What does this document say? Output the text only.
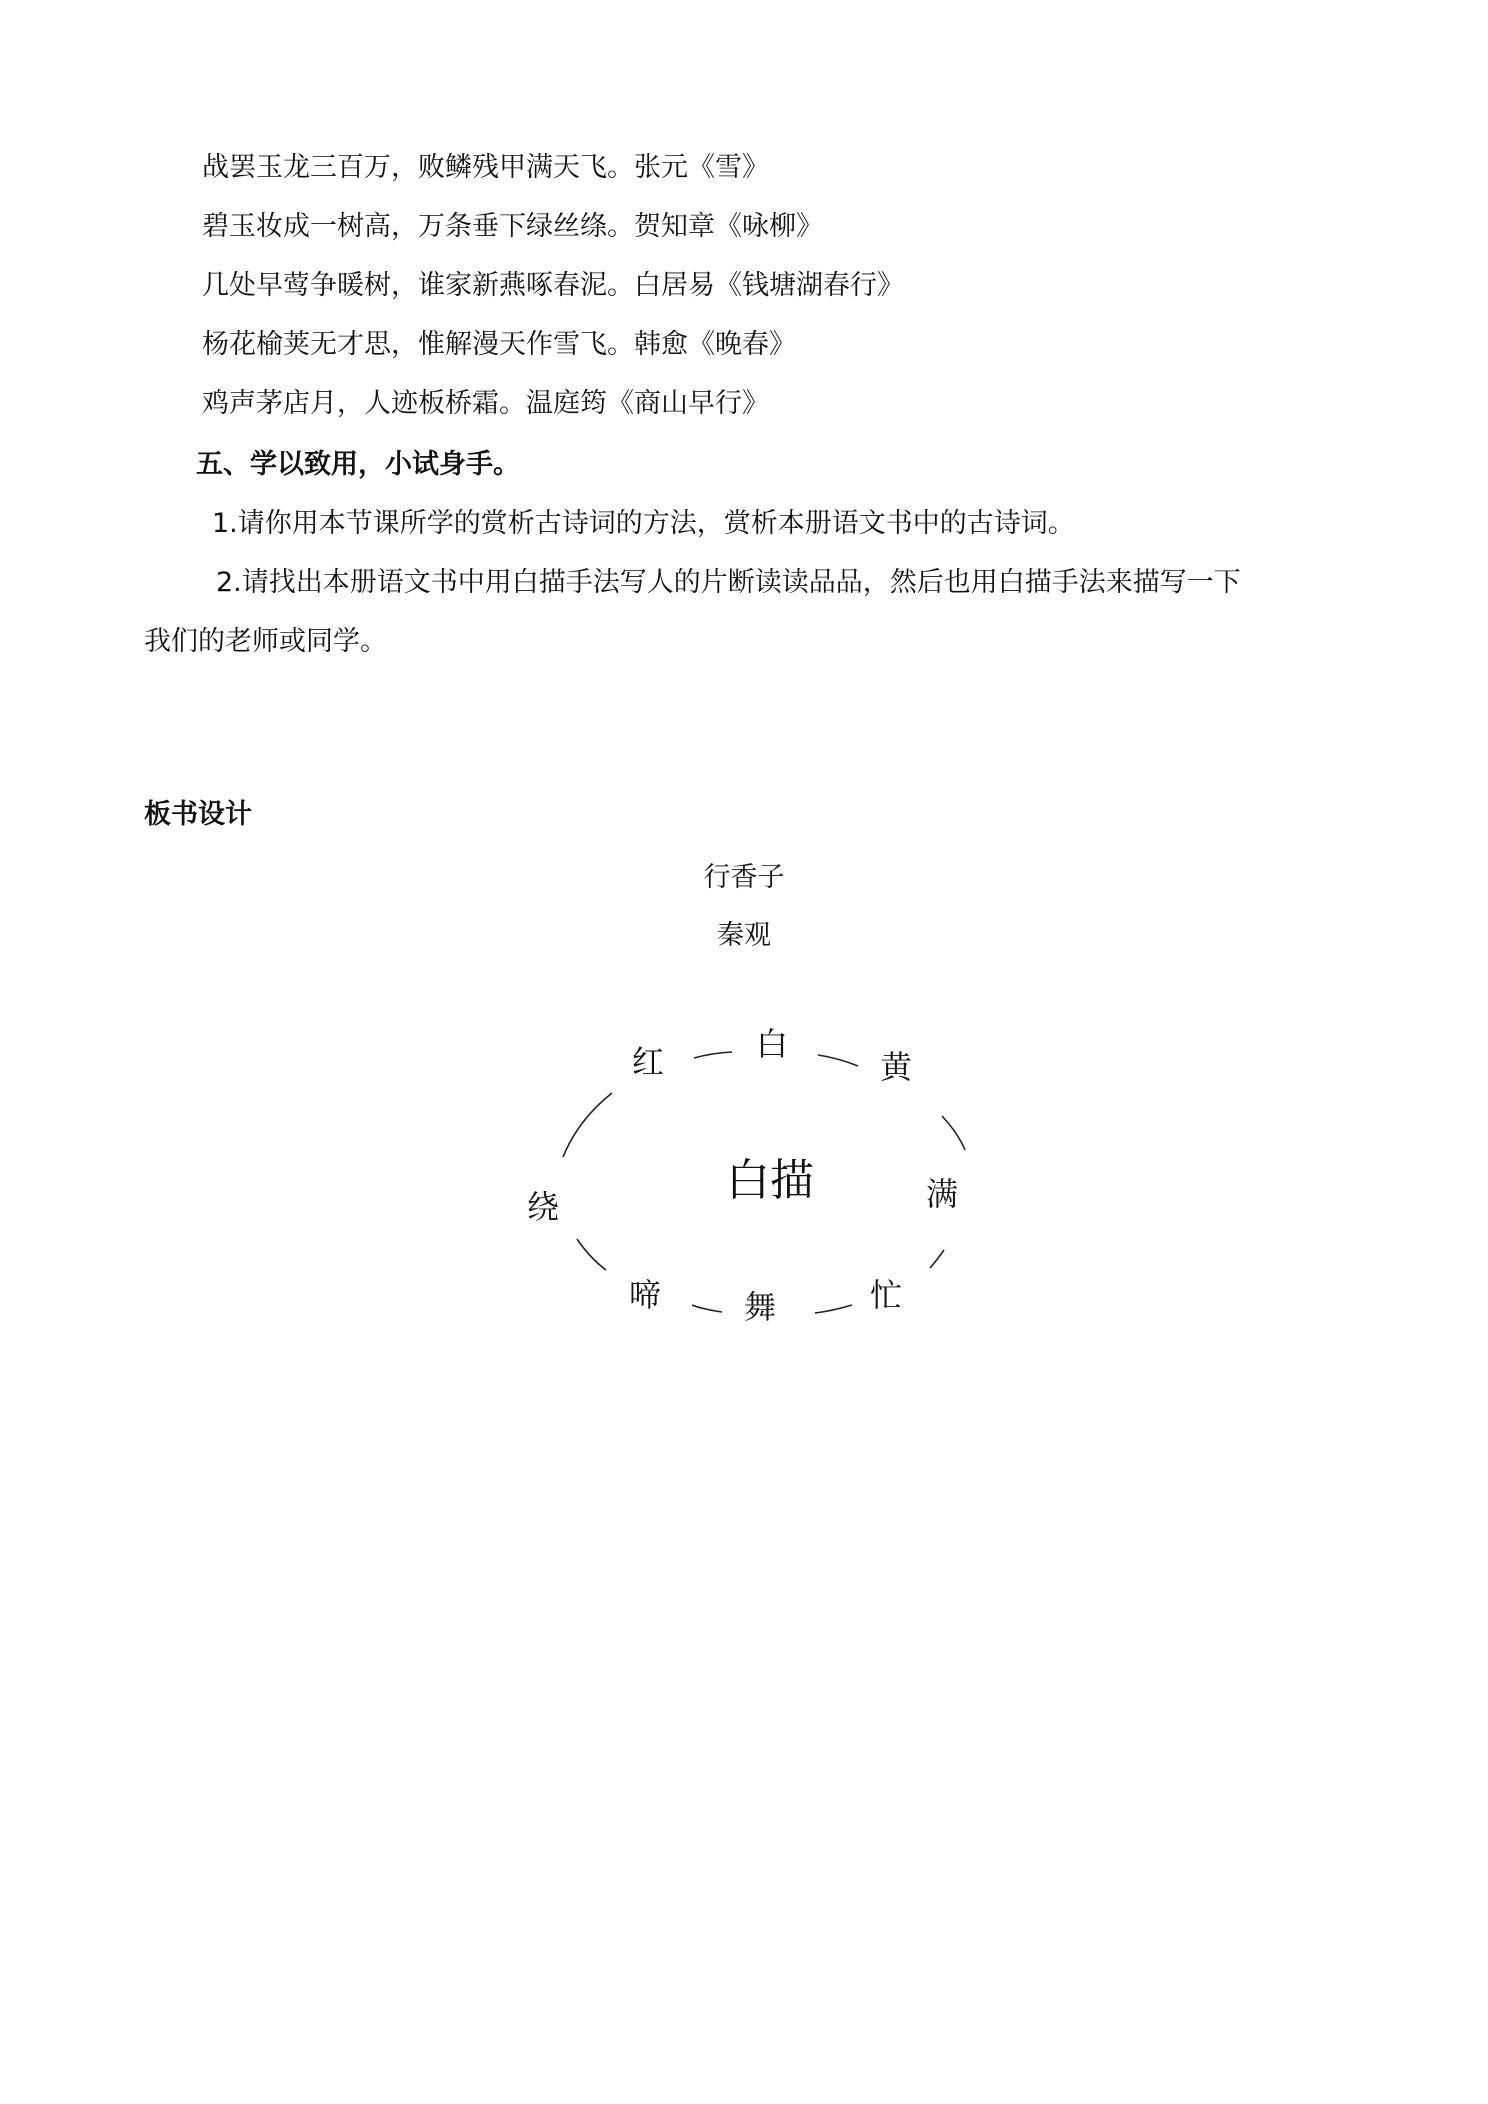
战罢玉龙三百万，败鳞残甲满天飞。张元《雪》
碧玉妆成一树高，万条垂下绿丝绦。贺知章《咏柳》
几处早莺争暖树，谁家新燕啄春泥。白居易《钱塘湖春行》
杨花榆荚无才思，惟解漫天作雪飞。韩愈《晚春》
鸡声茅店月，人迹板桥霜。温庭筠《商山早行》
五、学以致用，小试身手。
1.请你用本节课所学的赏析古诗词的方法，赏析本册语文书中的古诗词。
2.请找出本册语文书中用白描手法写人的片断读读品品，然后也用白描手法来描写一下
我们的老师或同学。
板书设计
行香子
秦观
白描
白
黄
满
忙
舞
啼
绕
红
